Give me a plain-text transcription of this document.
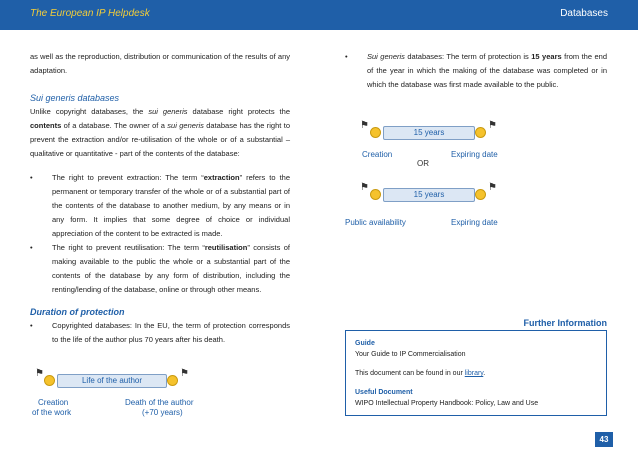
The European IP Helpdesk	Databases

as well as the reproduction, distribution or communication of the results of any adaptation.

Sui generis databases

Unlike copyright databases, the sui generis database right protects the contents of a database. The owner of a sui generis database has the right to prevent the extraction and/or re-utilisation of the whole or of a substantial – qualitative or quantitative - part of the contents of the database:

•	The right to prevent extraction: The term “extraction” refers to the permanent or temporary transfer of the whole or of a substantial part of the contents of the database to another medium, by any means or in any form. It implies that some degree of choice or individual appreciation of the content to be extracted is made.
•	The right to prevent reutilisation: The term “reutilisation” consists of making available to the public the whole or a substantial part of the contents of the database by any form of distribution, including the renting/lending of the database, online or through other means.
Duration of protection
•	Copyrighted databases: In the EU, the term of protection corresponds to the life of the author plus 70 years after his death.
⚑
Life of the author
⚑
Creation
of the work
Death of the author
(+70 years)
•	Sui generis databases: The term of protection is 15 years from the end of the year in which the making of the database was completed or in which the database was first made available to the public.
⚑
15 years
⚑
Creation	Expiring date
OR
⚑
15 years
⚑
Public availability	Expiring date
Further Information
Guide
Your Guide to IP Commercialisation
This document can be found in our library.
Useful Document
WIPO Intellectual Property Handbook: Policy, Law and Use
43
